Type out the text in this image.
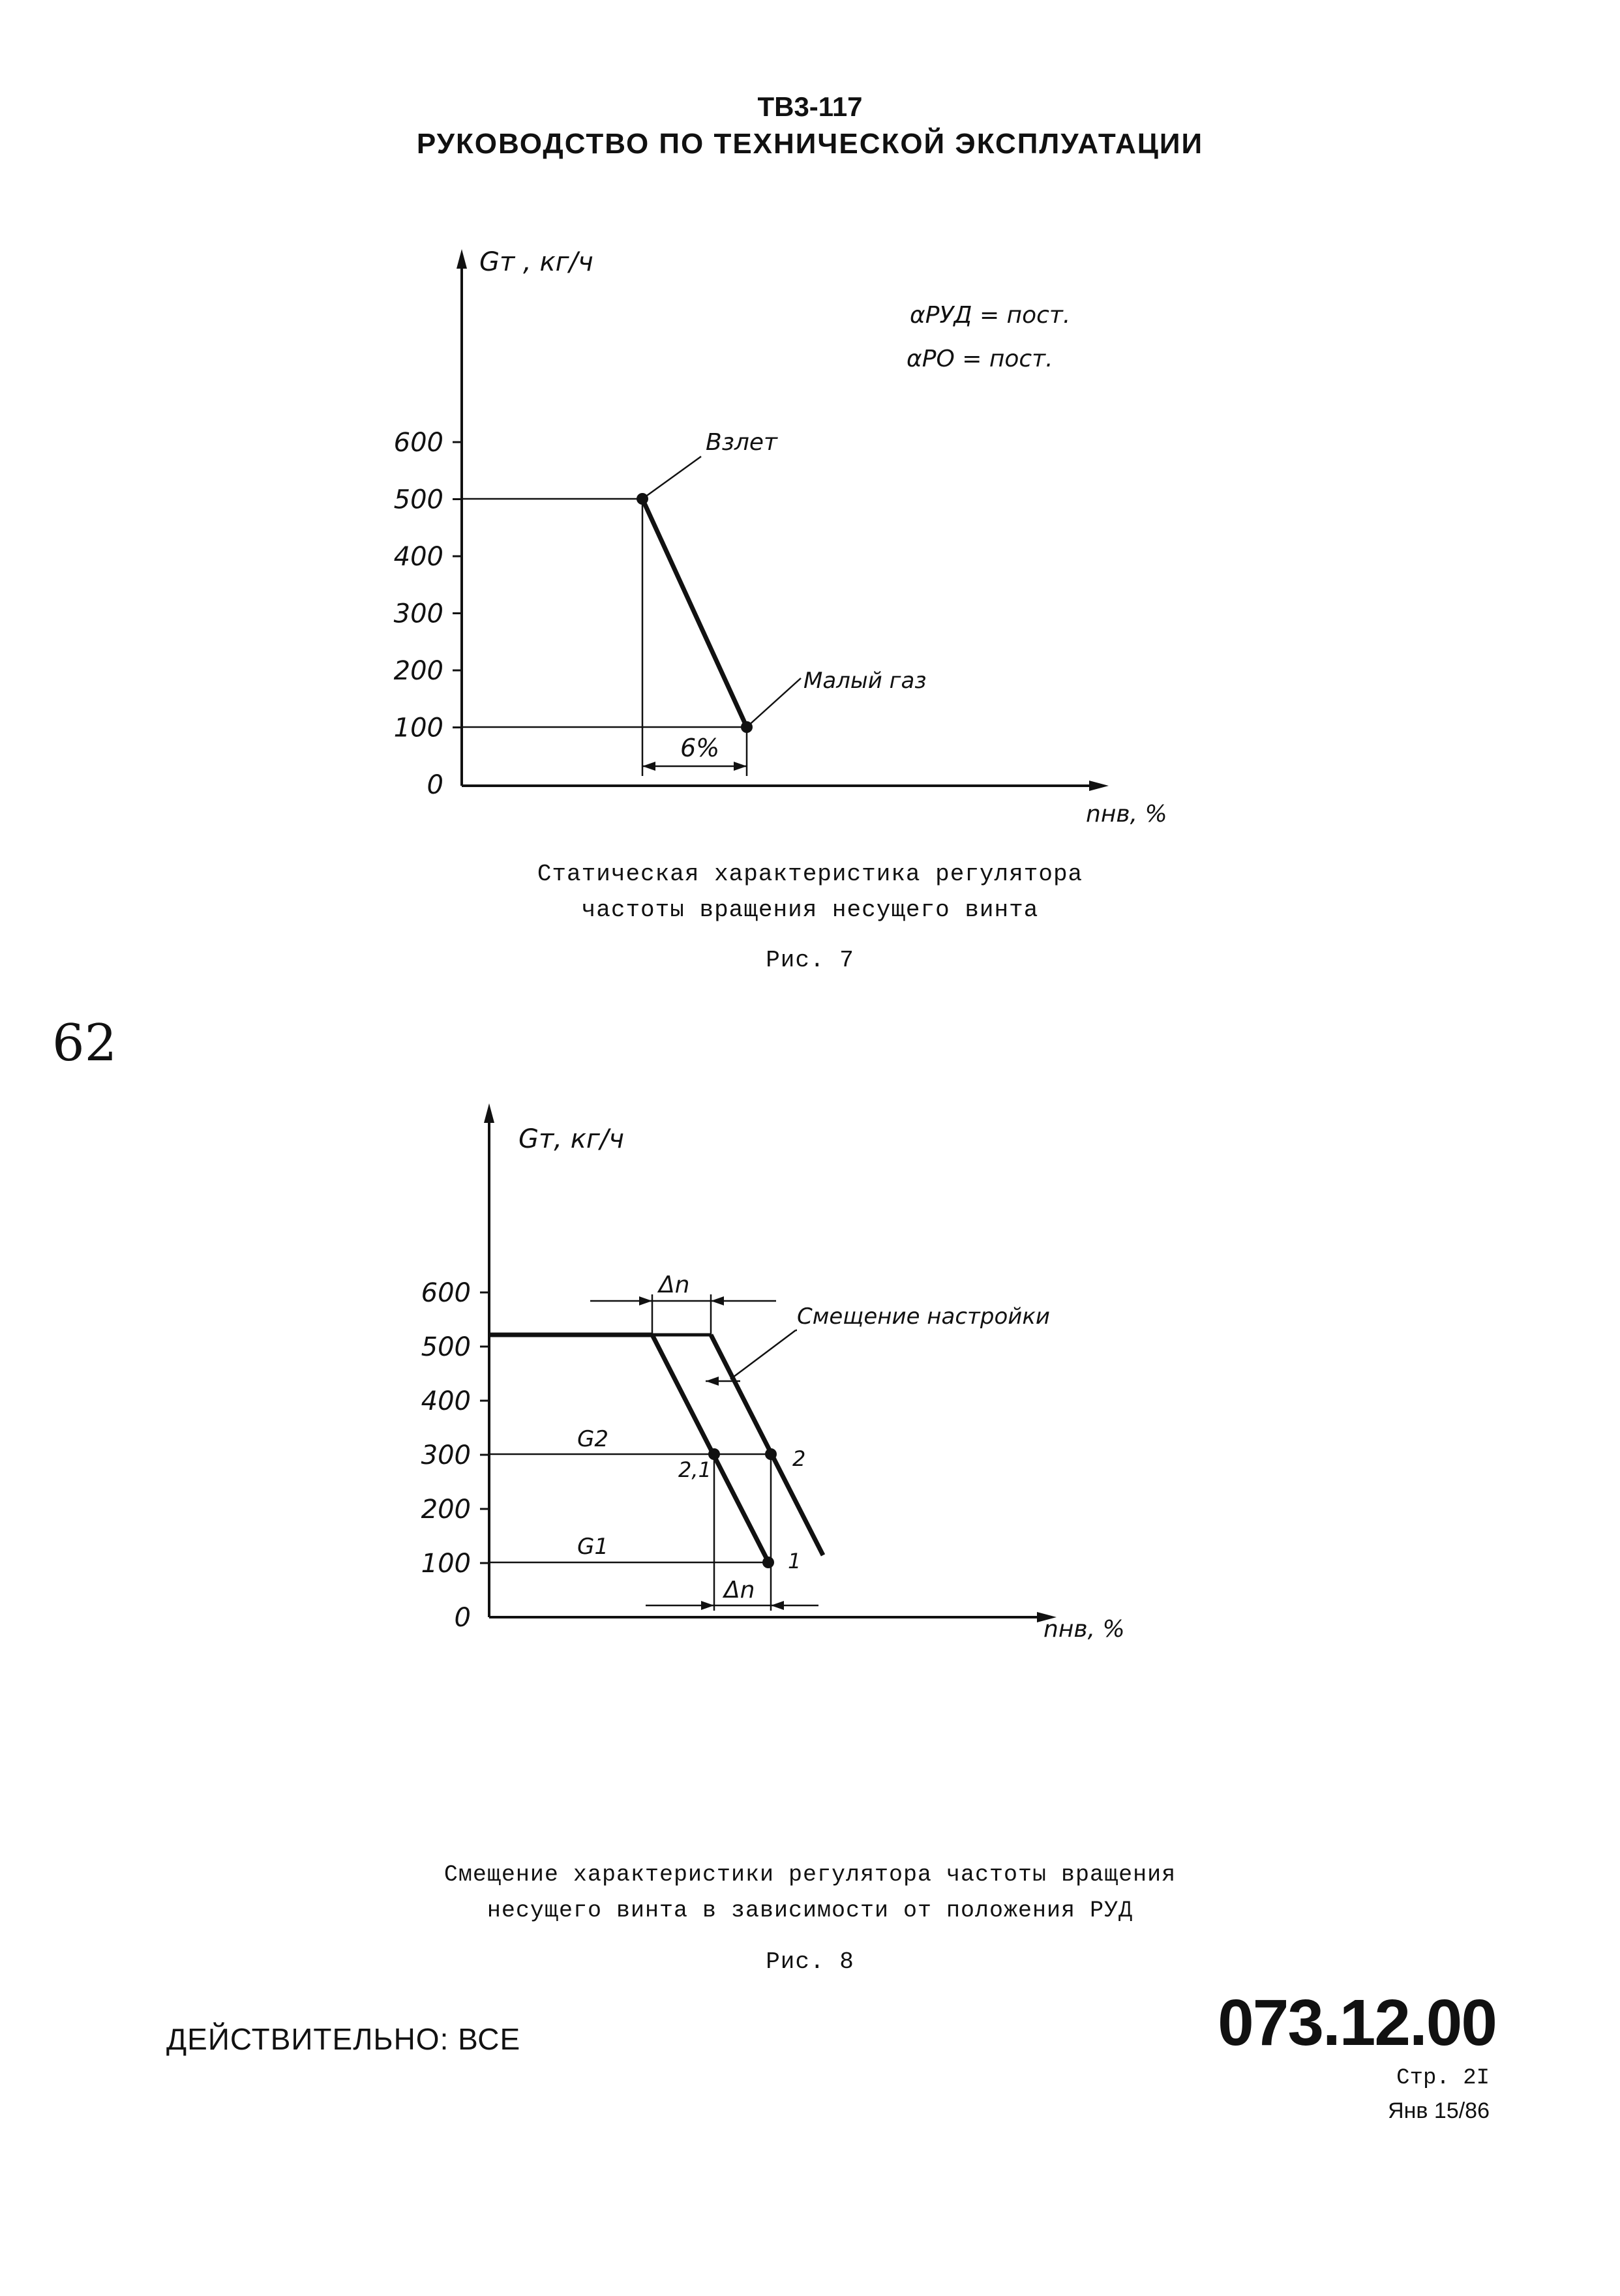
ТВ3-117
РУКОВОДСТВО ПО ТЕХНИЧЕСКОЙ ЭКСПЛУАТАЦИИ
Gт , кг/ч
nнв, %
αРУД = пост.
αРО = пост.
Взлет
Малый газ
6%
600
500
400
300
200
100
0
Статическая характеристика регулятора
частоты вращения несущего винта
Рис. 7
62
Gт, кг/ч
nнв, %
Δn
Δn
Смещение настройки
G2
G1
2,1	2
1
600
500
400
300
200
100
0
Смещение характеристики регулятора частоты вращения
несущего винта в зависимости от положения РУД
Рис. 8
ДЕЙСТВИТЕЛЬНО: ВСЕ	073.12.00
Стр. 2I
Янв 15/86
